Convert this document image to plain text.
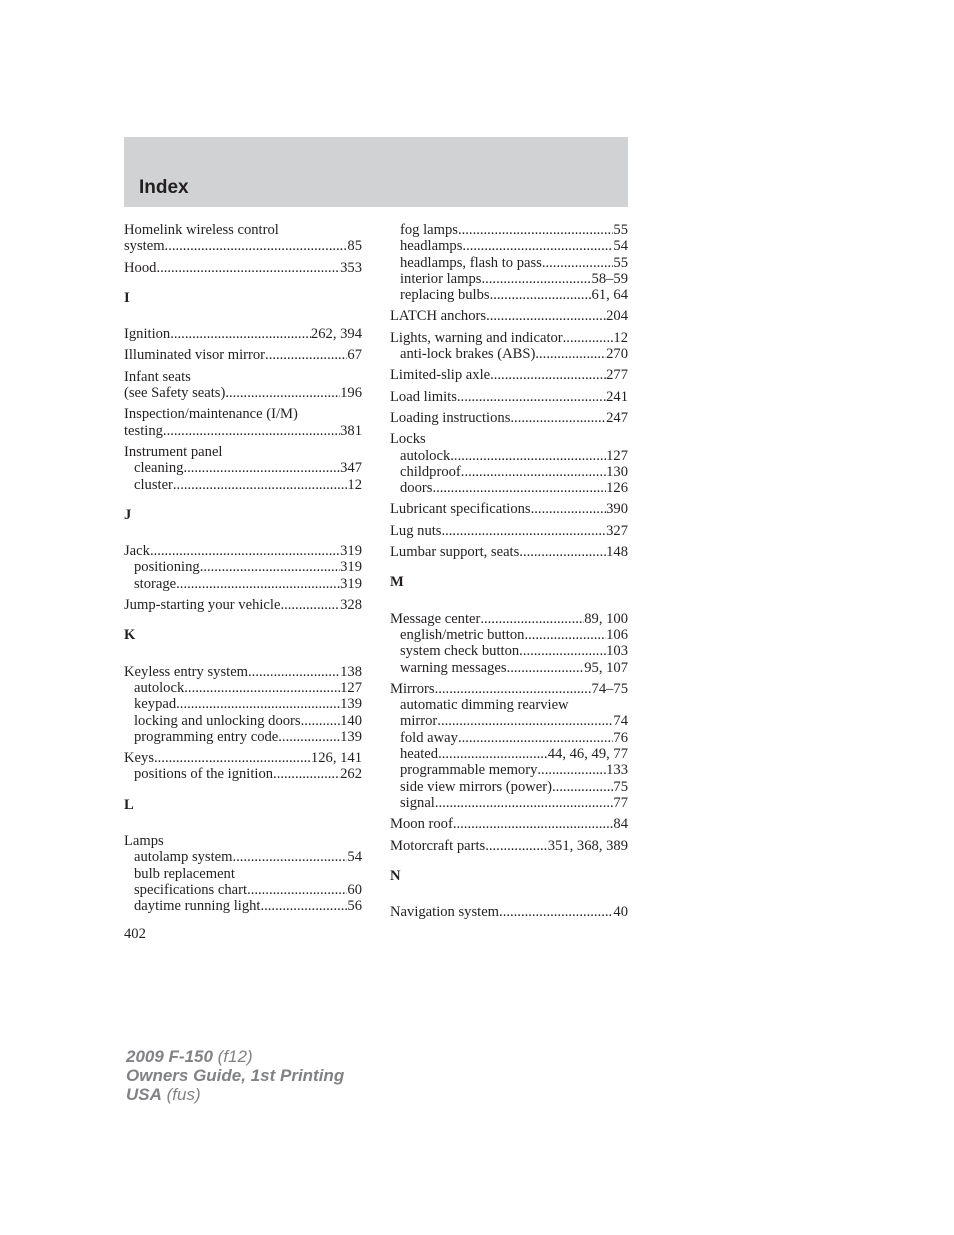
Index
Homelink wireless control
system .....	85
Hood .....	353
I
Ignition .....	262, 394
Illuminated visor mirror .....	67
Infant seats
(see Safety seats) .....	196
Inspection/maintenance (I/M)
testing .....	381
Instrument panel
cleaning .....	347
cluster .....	12
J
Jack .....	319
positioning .....	319
storage .....	319
Jump-starting your vehicle .....	328
K
Keyless entry system .....	138
autolock .....	127
keypad .....	139
locking and unlocking doors .....	140
programming entry code .....	139
Keys .....	126, 141
positions of the ignition .....	262
L
Lamps
autolamp system .....	54
bulb replacement
specifications chart .....	60
daytime running light .....	56
fog lamps .....	55
headlamps .....	54
headlamps, flash to pass .....	55
interior lamps .....	58–59
replacing bulbs .....	61, 64
LATCH anchors .....	204
Lights, warning and indicator .....	12
anti-lock brakes (ABS) .....	270
Limited-slip axle .....	277
Load limits .....	241
Loading instructions .....	247
Locks
autolock .....	127
childproof .....	130
doors .....	126
Lubricant specifications .....	390
Lug nuts .....	327
Lumbar support, seats .....	148
M
Message center .....	89, 100
english/metric button .....	106
system check button .....	103
warning messages .....	95, 107
Mirrors .....	74–75
automatic dimming rearview
mirror .....	74
fold away .....	76
heated .....	44, 46, 49, 77
programmable memory .....	133
side view mirrors (power) .....	75
signal .....	77
Moon roof .....	84
Motorcraft parts .....	351, 368, 389
N
Navigation system .....	40
402
2009 F-150 (f12)
Owners Guide, 1st Printing
USA (fus)
